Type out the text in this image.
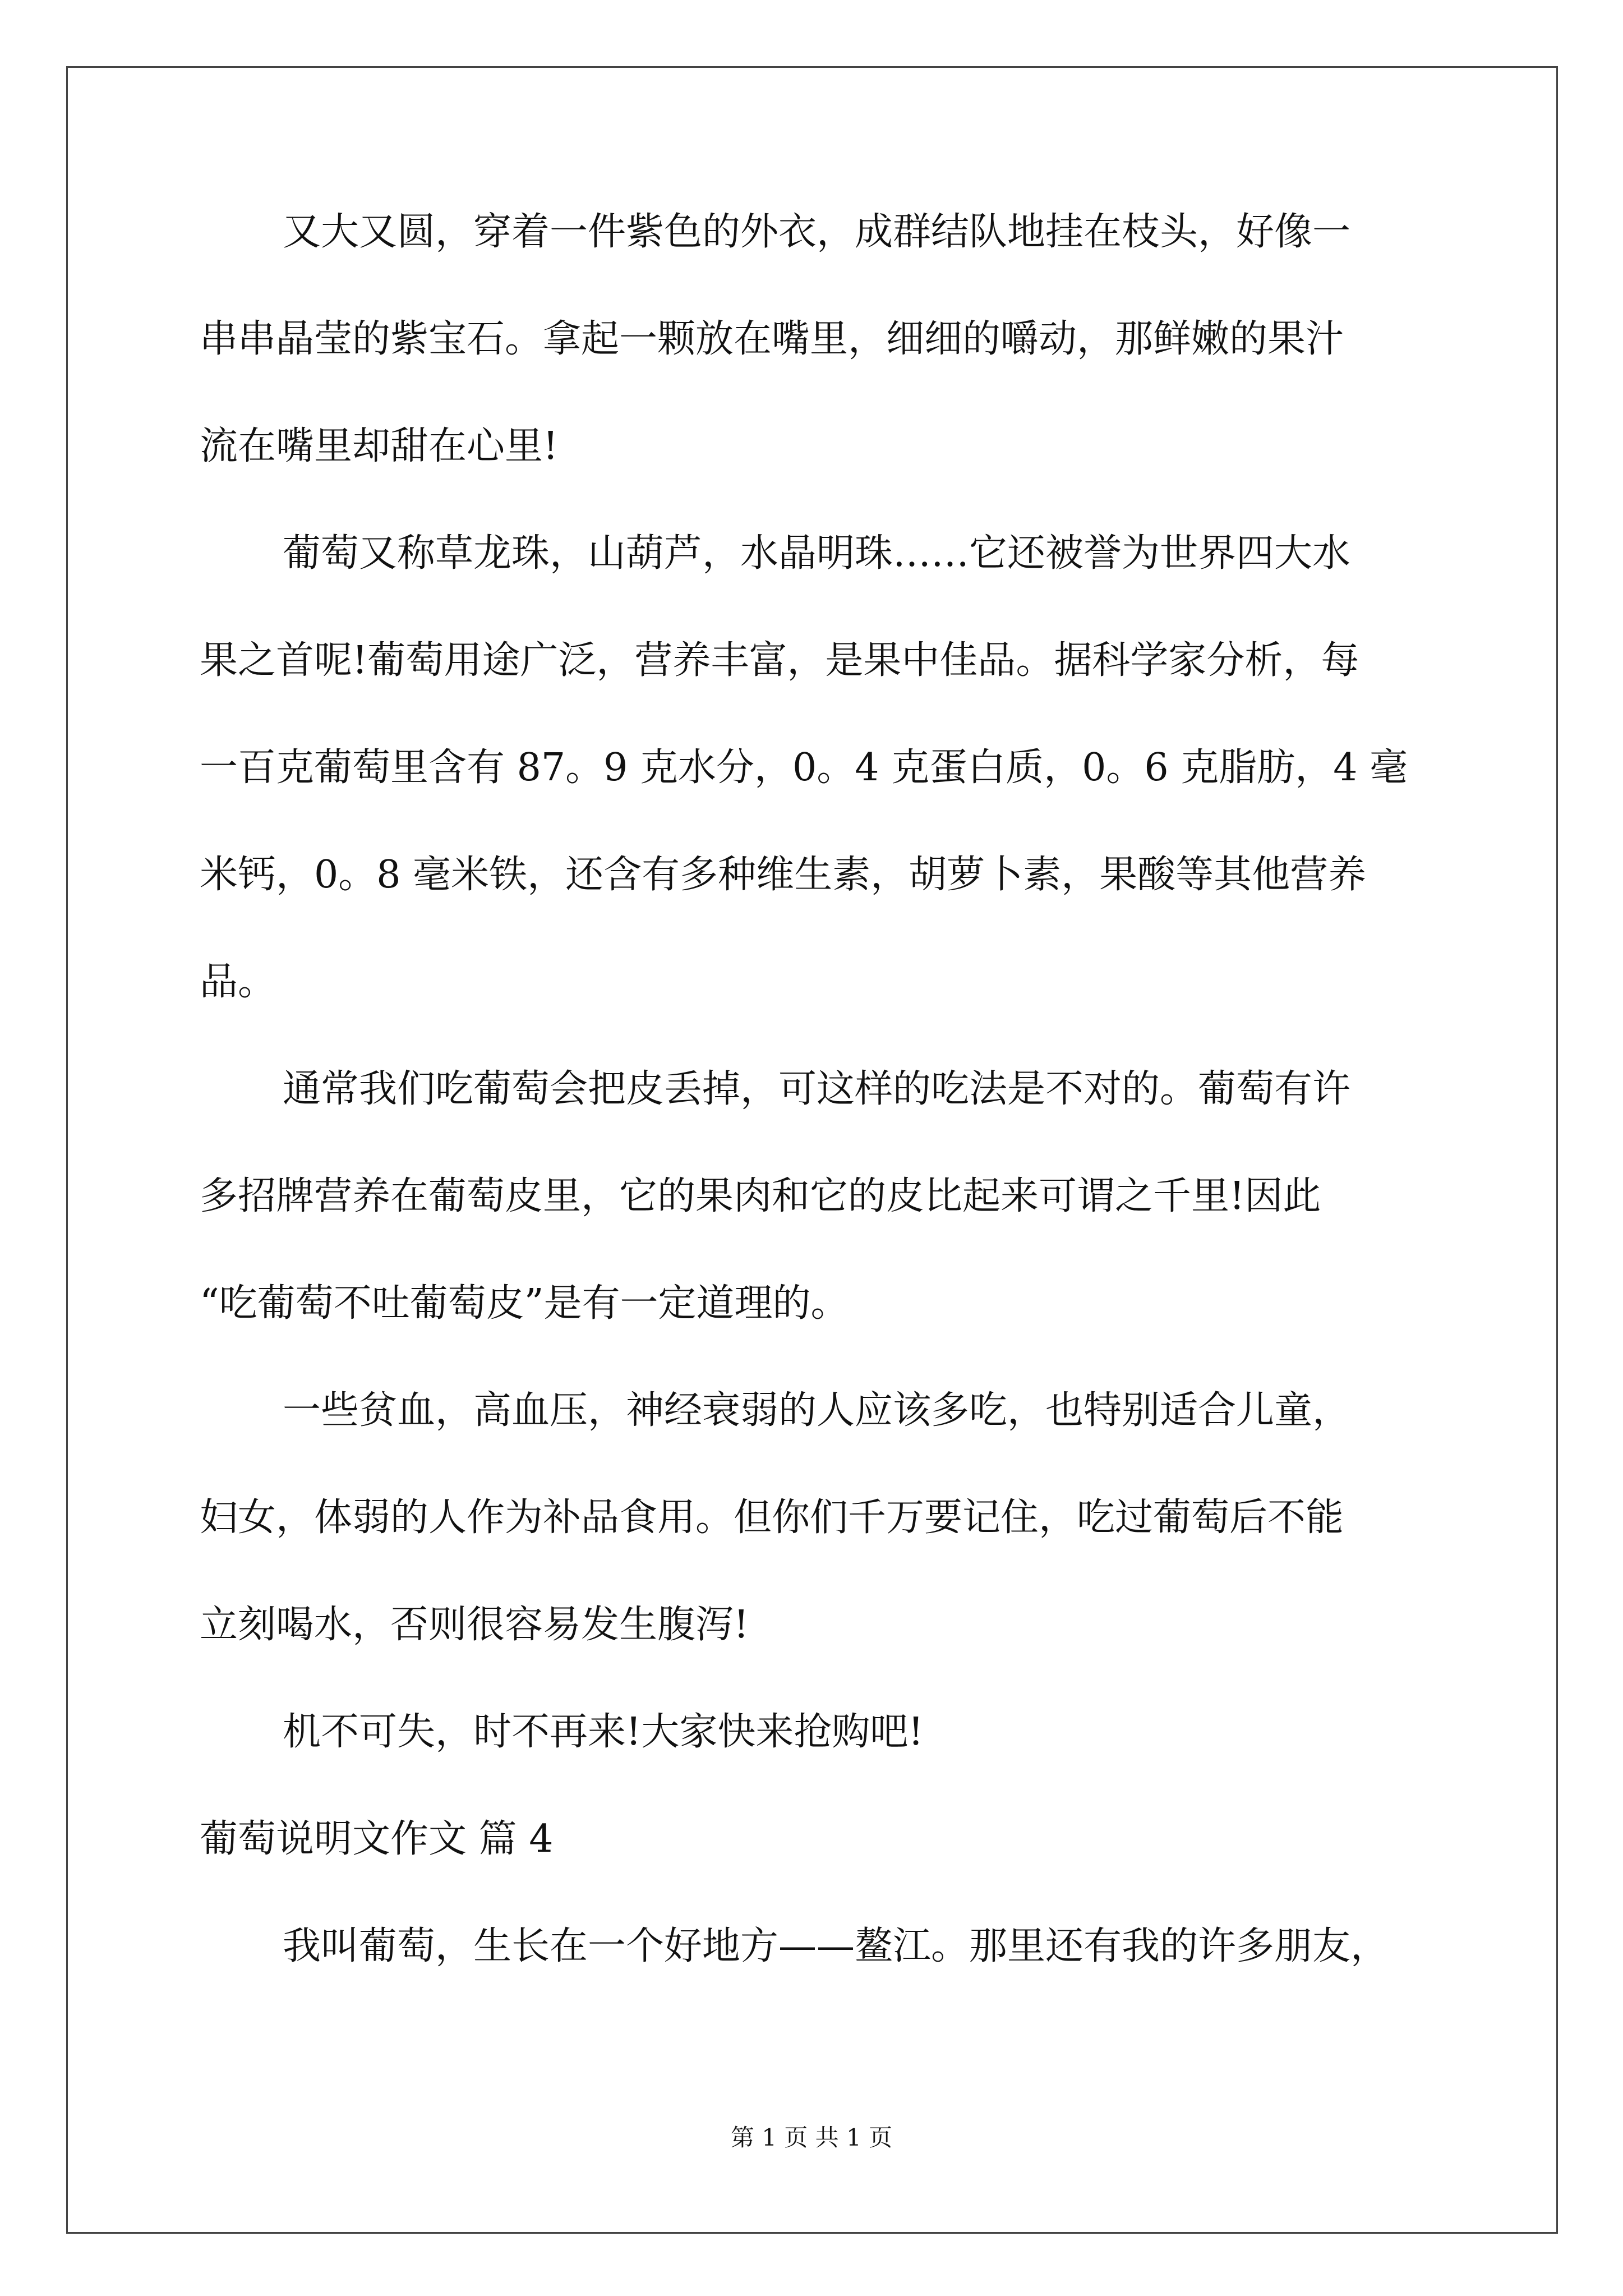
又大又圆，穿着一件紫色的外衣，成群结队地挂在枝头，好像一
串串晶莹的紫宝石。拿起一颗放在嘴里，细细的嚼动，那鲜嫩的果汁
流在嘴里却甜在心里!
葡萄又称草龙珠，山葫芦，水晶明珠……它还被誉为世界四大水
果之首呢!葡萄用途广泛，营养丰富，是果中佳品。据科学家分析，每
一百克葡萄里含有 87。9 克水分，0。4 克蛋白质，0。6 克脂肪，4 毫
米钙，0。8 毫米铁，还含有多种维生素，胡萝卜素，果酸等其他营养
品。
通常我们吃葡萄会把皮丢掉，可这样的吃法是不对的。葡萄有许
多招牌营养在葡萄皮里，它的果肉和它的皮比起来可谓之千里!因此
“吃葡萄不吐葡萄皮”是有一定道理的。
一些贫血，高血压，神经衰弱的人应该多吃，也特别适合儿童，
妇女，体弱的人作为补品食用。但你们千万要记住，吃过葡萄后不能
立刻喝水，否则很容易发生腹泻!
机不可失，时不再来!大家快来抢购吧!
葡萄说明文作文 篇 4
我叫葡萄，生长在一个好地方——鳌江。那里还有我的许多朋友，
第 1 页 共 1 页
